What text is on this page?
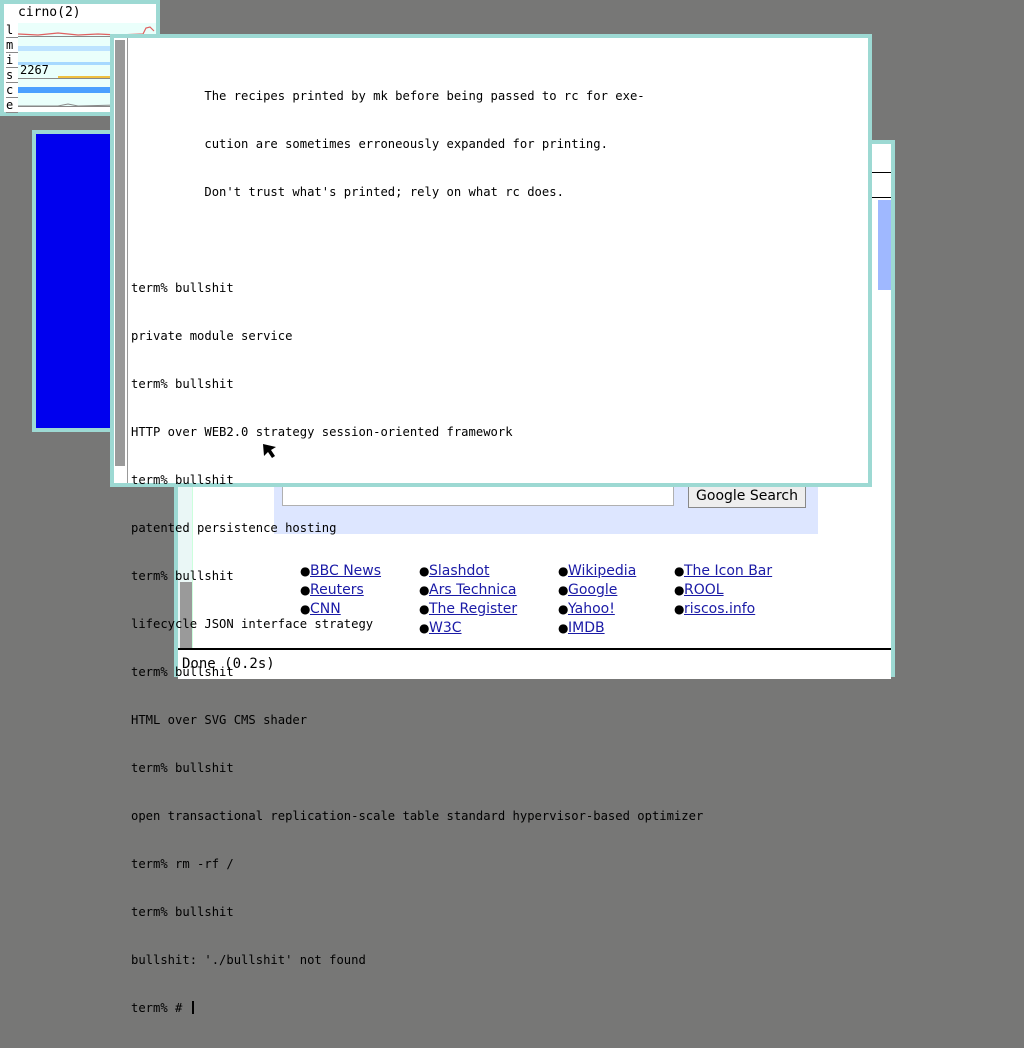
cirno(2)
l
m
i
s
c
e
2267
Google Search
●BBC News
●Reuters
●CNN
●Slashdot
●Ars Technica
●The Register
●W3C
●Wikipedia
●Google
●Yahoo!
●IMDB
●The Icon Bar
●ROOL
●riscos.info
Done (0.2s)

The recipes printed by mk before being passed to rc for exe-

cution are sometimes erroneously expanded for printing.

Don't trust what's printed; rely on what rc does.

term% bullshit

private module service

term% bullshit

HTTP over WEB2.0 strategy session-oriented framework

term% bullshit

patented persistence hosting

term% bullshit

lifecycle JSON interface strategy

term% bullshit

HTML over SVG CMS shader

term% bullshit

open transactional replication-scale table standard hypervisor-based optimizer

term% rm -rf /

term% bullshit

bullshit: './bullshit' not found

term% #
